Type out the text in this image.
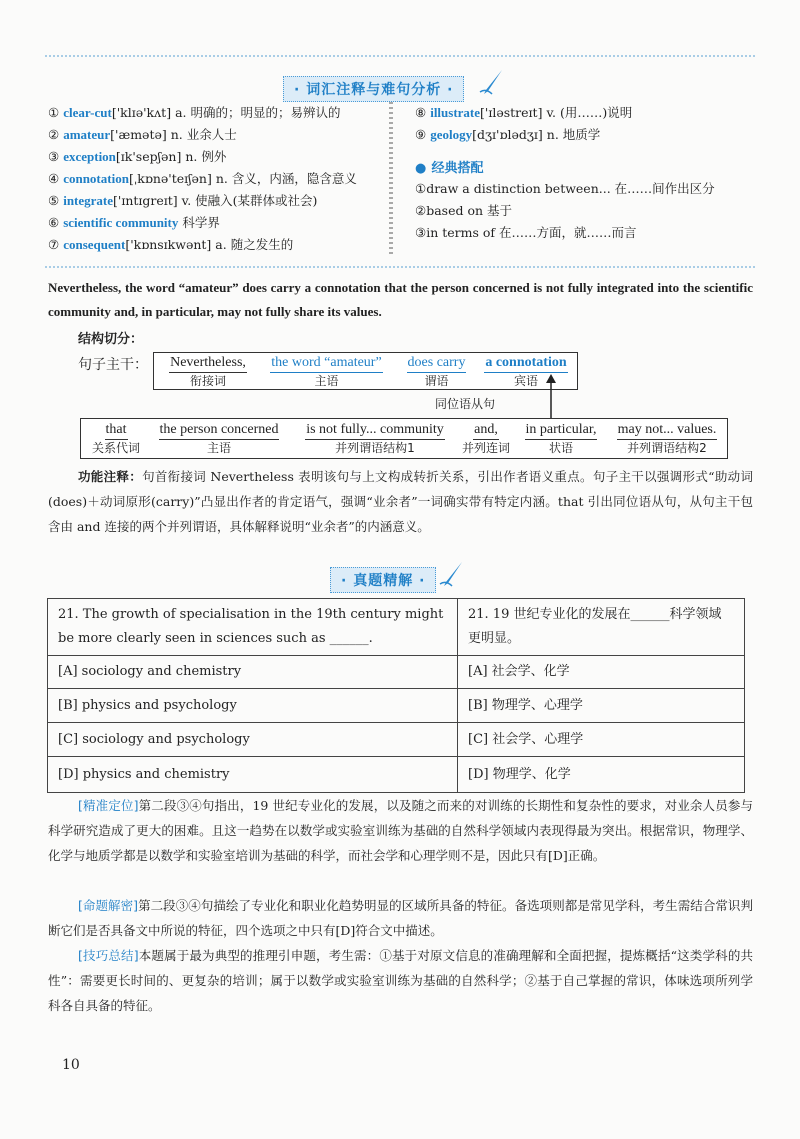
· 词汇注释与难句分析 ·
① clear-cut['klɪə'kʌt] a. 明确的；明显的；易辨认的
② amateur['æmətə] n. 业余人士
③ exception[ɪk'sepʃən] n. 例外
④ connotation[ˌkɒnə'teɪʃən] n. 含义，内涵，隐含意义
⑤ integrate['ɪntɪgreɪt] v. 使融入(某群体或社会)
⑥ scientific community 科学界
⑦ consequent['kɒnsɪkwənt] a. 随之发生的
⑧ illustrate['ɪləstreɪt] v. (用……)说明
⑨ geology[dʒɪ'ɒlədʒɪ] n. 地质学
● 经典搭配
①draw a distinction between... 在……间作出区分
②based on 基于
③in terms of 在……方面，就……而言
Nevertheless, the word “amateur” does carry a connotation that the person concerned is not fully integrated into the scientific community and, in particular, may not fully share its values.
结构切分：
句子主干：	Nevertheless,
衔接词
the word “amateur”
主语
does carry
谓语
a connotation
宾语
同位语从句
that
关系代词
the person concerned
主语
is not fully... community
并列谓语结构1
and,
并列连词
in particular,
状语
may not... values.
并列谓语结构2
功能注释：句首衔接词 Nevertheless 表明该句与上文构成转折关系，引出作者语义重点。句子主干以强调形式“助动词(does)＋动词原形(carry)”凸显出作者的肯定语气，强调“业余者”一词确实带有特定内涵。that 引出同位语从句，从句主干包含由 and 连接的两个并列谓语，具体解释说明“业余者”的内涵意义。
· 真题精解 ·
21. The growth of specialisation in the 19th century might be more clearly seen in sciences such as ______.	21. 19 世纪专业化的发展在______科学领域更明显。
[A] sociology and chemistry	[A] 社会学、化学
[B] physics and psychology	[B] 物理学、心理学
[C] sociology and psychology	[C] 社会学、心理学
[D] physics and chemistry	[D] 物理学、化学
[精准定位]第二段③④句指出，19 世纪专业化的发展，以及随之而来的对训练的长期性和复杂性的要求，对业余人员参与科学研究造成了更大的困难。且这一趋势在以数学或实验室训练为基础的自然科学领域内表现得最为突出。根据常识，物理学、化学与地质学都是以数学和实验室培训为基础的科学，而社会学和心理学则不是，因此只有[D]正确。
[命题解密]第二段③④句描绘了专业化和职业化趋势明显的区域所具备的特征。备选项则都是常见学科，考生需结合常识判断它们是否具备文中所说的特征，四个选项之中只有[D]符合文中描述。
[技巧总结]本题属于最为典型的推理引申题，考生需：①基于对原文信息的准确理解和全面把握，提炼概括“这类学科的共性”：需要更长时间的、更复杂的培训；属于以数学或实验室训练为基础的自然科学；②基于自己掌握的常识，体味选项所列学科各自具备的特征。
10
